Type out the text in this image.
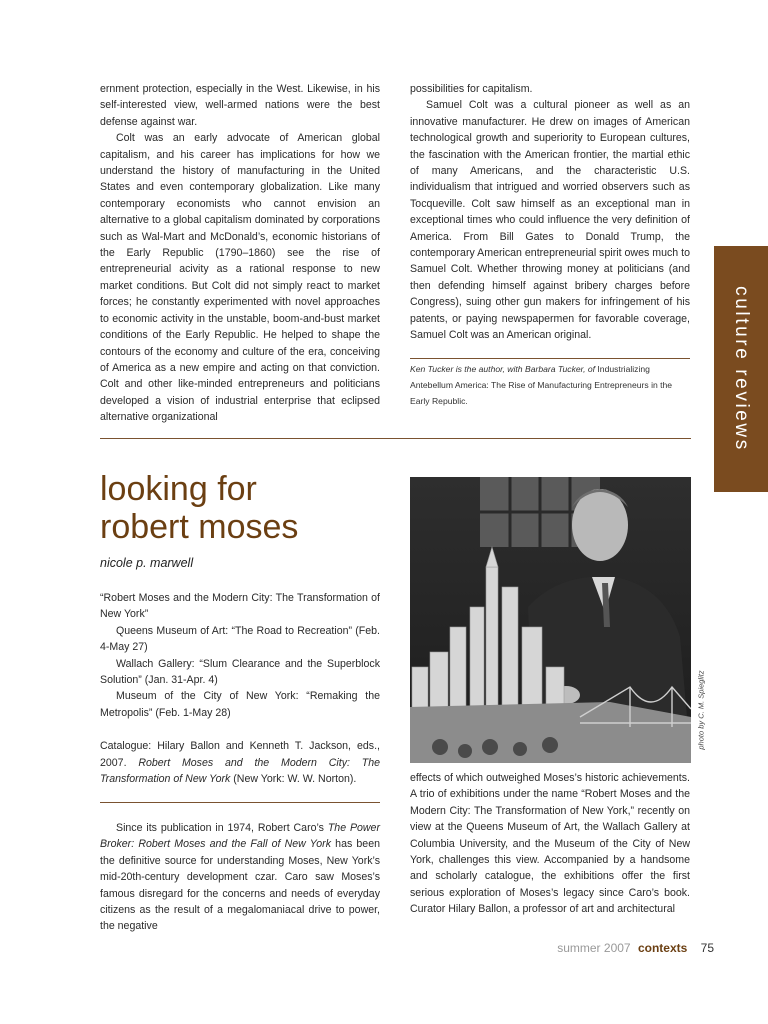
ernment protection, especially in the West. Likewise, in his self-interested view, well-armed nations were the best defense against war.

Colt was an early advocate of American global capitalism, and his career has implications for how we understand the history of manufacturing in the United States and even contemporary globalization. Like many contemporary economists who cannot envision an alternative to a global capitalism dominated by corporations such as Wal-Mart and McDonald’s, economic historians of the Early Republic (1790–1860) see the rise of entrepreneurial acivity as a rational response to new market conditions. But Colt did not simply react to market forces; he constantly experimented with novel approaches to economic activity in the unstable, boom-and-bust market conditions of the Early Republic. He helped to shape the contours of the economy and culture of the era, conceiving of America as a new empire and acting on that conviction. Colt and other like-minded entrepreneurs and politicians developed a vision of industrial enterprise that eclipsed alternative organizational

possibilities for capitalism.

Samuel Colt was a cultural pioneer as well as an innovative manufacturer. He drew on images of American technological growth and superiority to European cultures, the fascination with the American frontier, the martial ethic of many Americans, and the characteristic U.S. individualism that intrigued and worried observers such as Tocqueville. Colt saw himself as an exceptional man in exceptional times who could influence the very definition of America. From Bill Gates to Donald Trump, the contemporary American entrepreneurial spirit owes much to Samuel Colt. Whether throwing money at politicians (and then defending himself against bribery charges before Congress), suing other gun makers for infringement of his patents, or paying newspapermen for favorable coverage, Samuel Colt was an American original.

Ken Tucker is the author, with Barbara Tucker, of Industrializing Antebellum America: The Rise of Manufacturing Entrepreneurs in the Early Republic.	culture reviews
looking for
robert moses
nicole p. marwell

“Robert Moses and the Modern City: The Transformation of New York”

Queens Museum of Art: “The Road to Recreation” (Feb. 4-May 27)

Wallach Gallery: “Slum Clearance and the Superblock Solution” (Jan. 31-Apr. 4)

Museum of the City of New York: “Remaking the Metropolis” (Feb. 1-May 28)

Catalogue: Hilary Ballon and Kenneth T. Jackson, eds., 2007. Robert Moses and the Modern City: The Transformation of New York (New York: W. W. Norton).

Since its publication in 1974, Robert Caro’s The Power Broker: Robert Moses and the Fall of New York has been the definitive source for understanding Moses, New York’s mid-20th-century development czar. Caro saw Moses’s famous disregard for the concerns and needs of everyday citizens as the result of a megalomaniacal drive to power, the negative

photo by C. M. Spieglitz

effects of which outweighed Moses’s historic achievements. A trio of exhibitions under the name “Robert Moses and the Modern City: The Transformation of New York,” recently on view at the Queens Museum of Art, the Wallach Gallery at Columbia University, and the Museum of the City of New York, challenges this view. Accompanied by a handsome and scholarly catalogue, the exhibitions offer the first serious exploration of Moses’s legacy since Caro’s book. Curator Hilary Ballon, a professor of art and architectural

summer 2007 contexts 75
